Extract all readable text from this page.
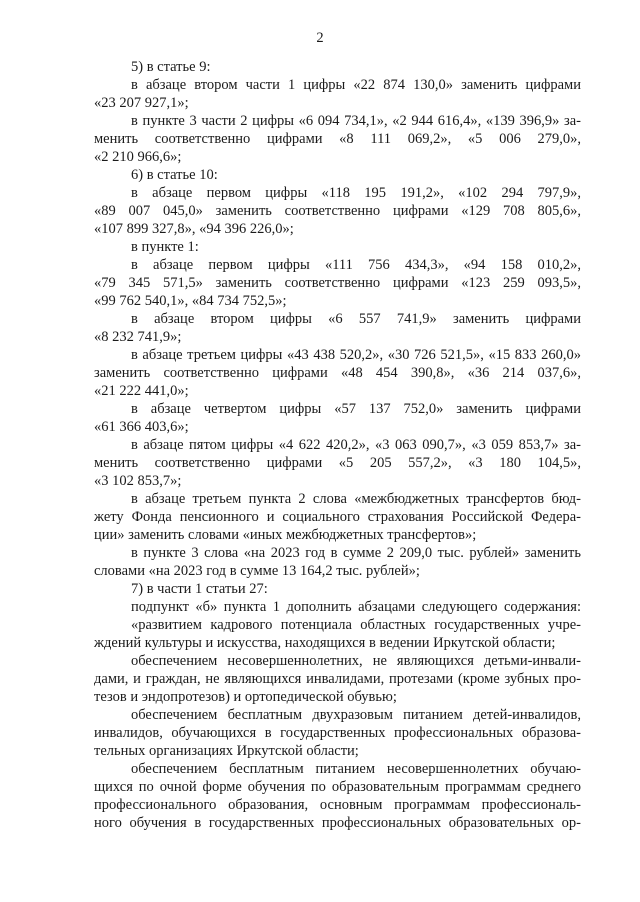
2
5) в статье 9:
в абзаце втором части 1 цифры «22 874 130,0» заменить цифрами
«23 207 927,1»;
в пункте 3 части 2 цифры «6 094 734,1», «2 944 616,4», «139 396,9» за-
менить соответственно цифрами «8 111 069,2», «5 006 279,0»,
«2 210 966,6»;
6) в статье 10:
в абзаце первом цифры «118 195 191,2», «102 294 797,9»,
«89 007 045,0» заменить соответственно цифрами «129 708 805,6»,
«107 899 327,8», «94 396 226,0»;
в пункте 1:
в абзаце первом цифры «111 756 434,3», «94 158 010,2»,
«79 345 571,5» заменить соответственно цифрами «123 259 093,5»,
«99 762 540,1», «84 734 752,5»;
в абзаце втором цифры «6 557 741,9» заменить цифрами
«8 232 741,9»;
в абзаце третьем цифры «43 438 520,2», «30 726 521,5», «15 833 260,0»
заменить соответственно цифрами «48 454 390,8», «36 214 037,6»,
«21 222 441,0»;
в абзаце четвертом цифры «57 137 752,0» заменить цифрами
«61 366 403,6»;
в абзаце пятом цифры «4 622 420,2», «3 063 090,7», «3 059 853,7» за-
менить соответственно цифрами «5 205 557,2», «3 180 104,5»,
«3 102 853,7»;
в абзаце третьем пункта 2 слова «межбюджетных трансфертов бюд-
жету Фонда пенсионного и социального страхования Российской Федера-
ции» заменить словами «иных межбюджетных трансфертов»;
в пункте 3 слова «на 2023 год в сумме 2 209,0 тыс. рублей» заменить
словами «на 2023 год в сумме 13 164,2 тыс. рублей»;
7) в части 1 статьи 27:
подпункт «б» пункта 1 дополнить абзацами следующего содержания:
«развитием кадрового потенциала областных государственных учре-
ждений культуры и искусства, находящихся в ведении Иркутской области;
обеспечением несовершеннолетних, не являющихся детьми-инвали-
дами, и граждан, не являющихся инвалидами, протезами (кроме зубных про-
тезов и эндопротезов) и ортопедической обувью;
обеспечением бесплатным двухразовым питанием детей-инвалидов,
инвалидов, обучающихся в государственных профессиональных образова-
тельных организациях Иркутской области;
обеспечением бесплатным питанием несовершеннолетних обучаю-
щихся по очной форме обучения по образовательным программам среднего
профессионального образования, основным программам профессиональ-
ного обучения в государственных профессиональных образовательных ор-
